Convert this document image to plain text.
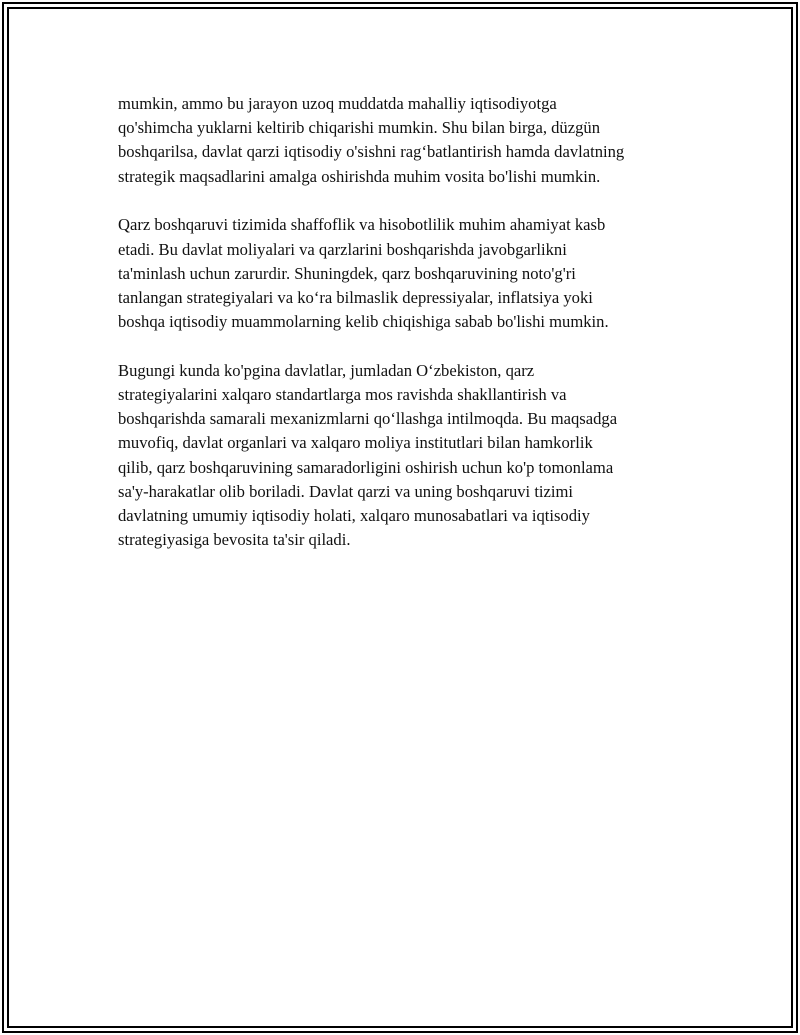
mumkin, ammo bu jarayon uzoq muddatda mahalliy iqtisodiyotga
qo'shimcha yuklarni keltirib chiqarishi mumkin. Shu bilan birga, düzgün
boshqarilsa, davlat qarzi iqtisodiy o'sishni rag‘batlantirish hamda davlatning
strategik maqsadlarini amalga oshirishda muhim vosita bo'lishi mumkin.

Qarz boshqaruvi tizimida shaffoflik va hisobotlilik muhim ahamiyat kasb
etadi. Bu davlat moliyalari va qarzlarini boshqarishda javobgarlikni
ta'minlash uchun zarurdir. Shuningdek, qarz boshqaruvining noto'g'ri
tanlangan strategiyalari va ko‘ra bilmaslik depressiyalar, inflatsiya yoki
boshqa iqtisodiy muammolarning kelib chiqishiga sabab bo'lishi mumkin.

Bugungi kunda ko'pgina davlatlar, jumladan O‘zbekiston, qarz
strategiyalarini xalqaro standartlarga mos ravishda shakllantirish va
boshqarishda samarali mexanizmlarni qo‘llashga intilmoqda. Bu maqsadga
muvofiq, davlat organlari va xalqaro moliya institutlari bilan hamkorlik
qilib, qarz boshqaruvining samaradorligini oshirish uchun ko'p tomonlama
sa'y-harakatlar olib boriladi. Davlat qarzi va uning boshqaruvi tizimi
davlatning umumiy iqtisodiy holati, xalqaro munosabatlari va iqtisodiy
strategiyasiga bevosita ta'sir qiladi.
